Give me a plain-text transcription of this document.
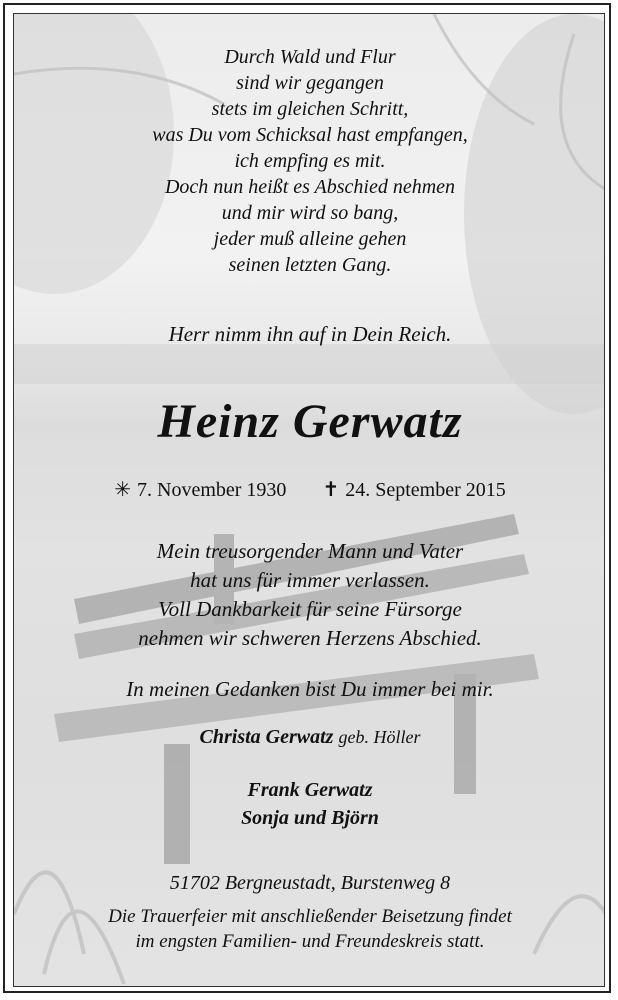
Durch Wald und Flur
sind wir gegangen
stets im gleichen Schritt,
was Du vom Schicksal hast empfangen,
ich empfing es mit.
Doch nun heißt es Abschied nehmen
und mir wird so bang,
jeder muß alleine gehen
seinen letzten Gang.
Herr nimm ihn auf in Dein Reich.
Heinz Gerwatz
✳ 7. November 1930 ✝ 24. September 2015
Mein treusorgender Mann und Vater
hat uns für immer verlassen.
Voll Dankbarkeit für seine Fürsorge
nehmen wir schweren Herzens Abschied.
In meinen Gedanken bist Du immer bei mir.
Christa Gerwatz geb. Höller
Frank Gerwatz
Sonja und Björn
51702 Bergneustadt, Burstenweg 8
Die Trauerfeier mit anschließender Beisetzung findet
im engsten Familien- und Freundeskreis statt.
